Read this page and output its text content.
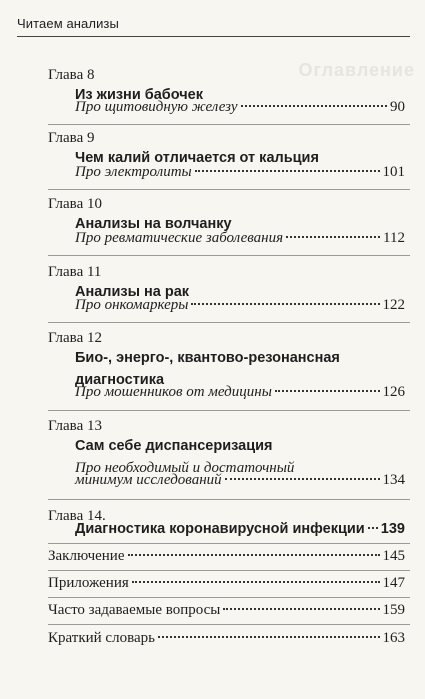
Читаем анализы
Оглавление
Глава 8
Из жизни бабочек
Про щитовидную железу	90
Глава 9
Чем калий отличается от кальция
Про электролиты	101
Глава 10
Анализы на волчанку
Про ревматические заболевания	112
Глава 11
Анализы на рак
Про онкомаркеры	122
Глава 12
Био-, энерго-, квантово-резонансная
диагностика
Про мошенников от медицины	126
Глава 13
Сам себе диспансеризация
Про необходимый и достаточный
минимум исследований	134
Глава 14.
Диагностика коронавирусной инфекции 139
Заключение	145
Приложения	147
Часто задаваемые вопросы	159
Краткий словарь	163
